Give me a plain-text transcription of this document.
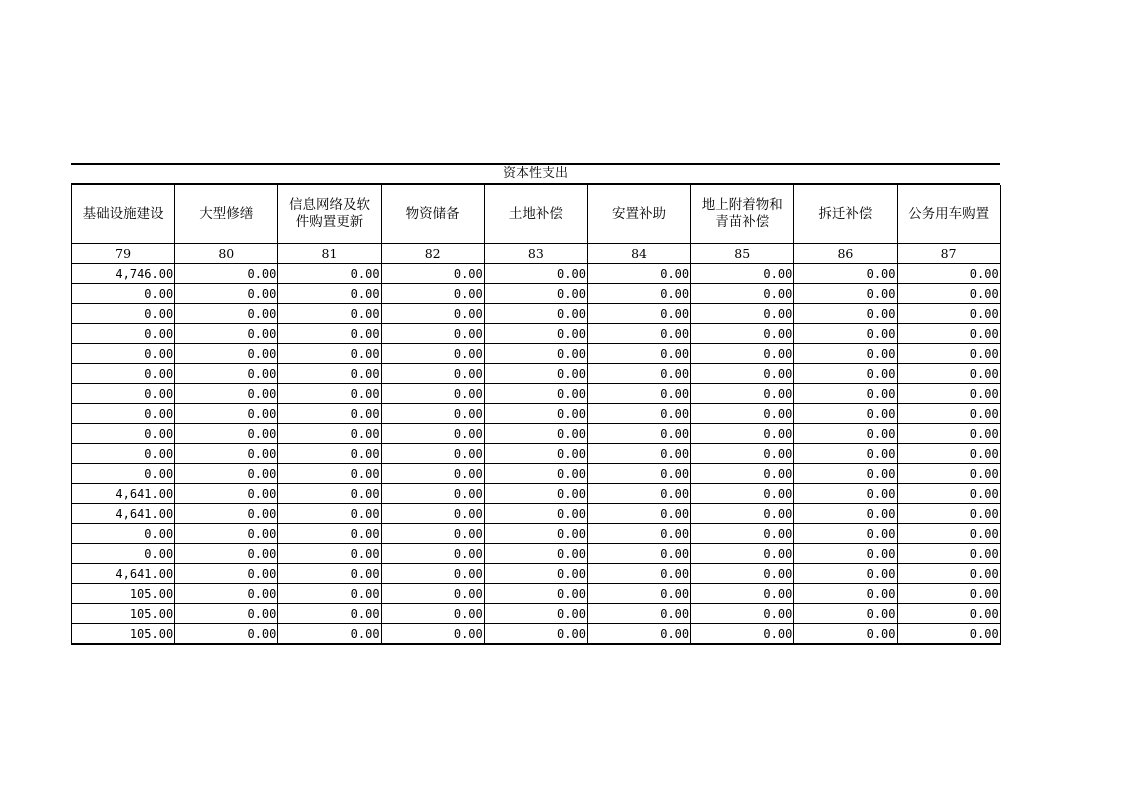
资本性支出
基础设施建设	大型修缮	信息网络及软件购置更新	物资储备	土地补偿	安置补助	地上附着物和青苗补偿	拆迁补偿	公务用车购置
79	80	81	82	83	84	85	86	87
4,746.00	0.00	0.00	0.00	0.00	0.00	0.00	0.00	0.00
0.00	0.00	0.00	0.00	0.00	0.00	0.00	0.00	0.00
0.00	0.00	0.00	0.00	0.00	0.00	0.00	0.00	0.00
0.00	0.00	0.00	0.00	0.00	0.00	0.00	0.00	0.00
0.00	0.00	0.00	0.00	0.00	0.00	0.00	0.00	0.00
0.00	0.00	0.00	0.00	0.00	0.00	0.00	0.00	0.00
0.00	0.00	0.00	0.00	0.00	0.00	0.00	0.00	0.00
0.00	0.00	0.00	0.00	0.00	0.00	0.00	0.00	0.00
0.00	0.00	0.00	0.00	0.00	0.00	0.00	0.00	0.00
0.00	0.00	0.00	0.00	0.00	0.00	0.00	0.00	0.00
0.00	0.00	0.00	0.00	0.00	0.00	0.00	0.00	0.00
4,641.00	0.00	0.00	0.00	0.00	0.00	0.00	0.00	0.00
4,641.00	0.00	0.00	0.00	0.00	0.00	0.00	0.00	0.00
0.00	0.00	0.00	0.00	0.00	0.00	0.00	0.00	0.00
0.00	0.00	0.00	0.00	0.00	0.00	0.00	0.00	0.00
4,641.00	0.00	0.00	0.00	0.00	0.00	0.00	0.00	0.00
105.00	0.00	0.00	0.00	0.00	0.00	0.00	0.00	0.00
105.00	0.00	0.00	0.00	0.00	0.00	0.00	0.00	0.00
105.00	0.00	0.00	0.00	0.00	0.00	0.00	0.00	0.00
